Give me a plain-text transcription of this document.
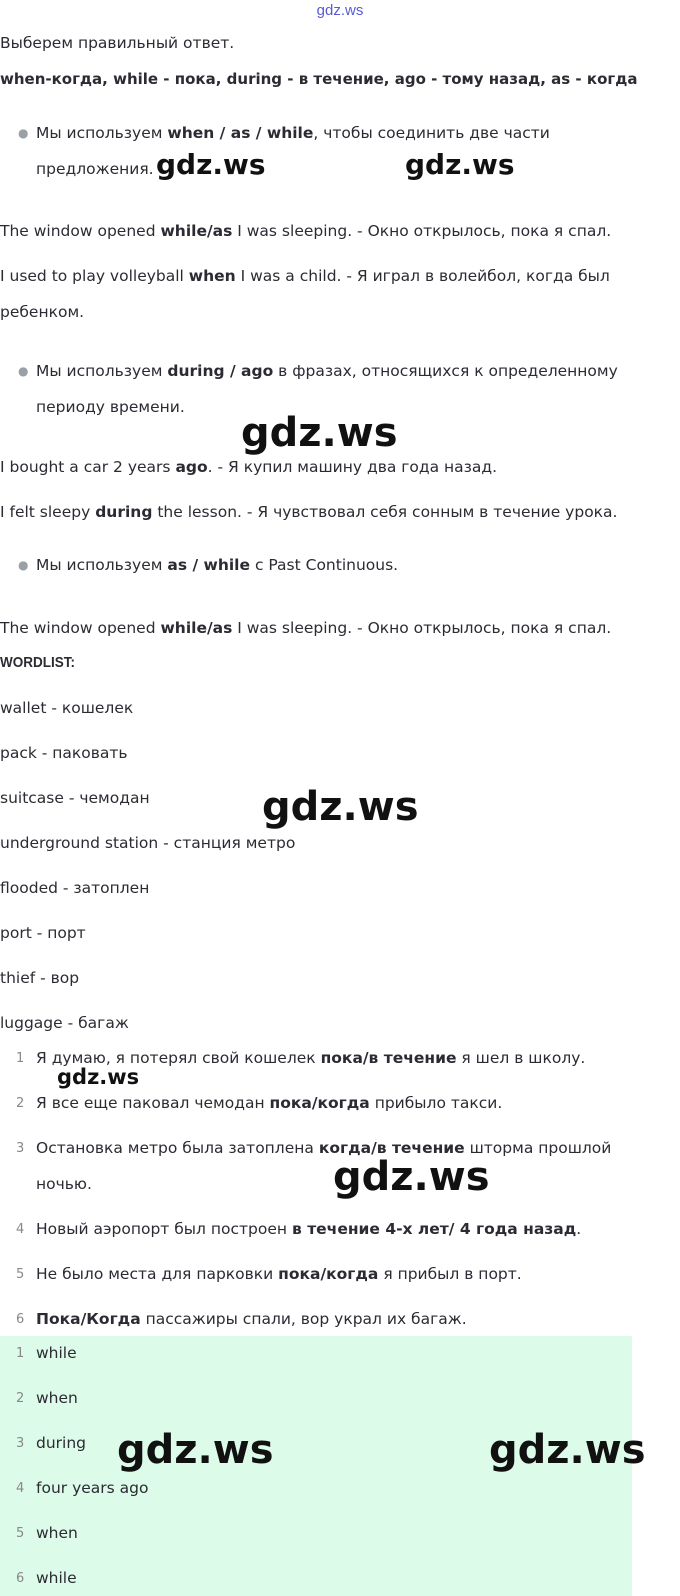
gdz.ws
Выберем правильный ответ.
when-когда, while - пока, during - в течение, ago - тому назад, as - когда
● Мы используем when / as / while, чтобы соединить две части предложения.
The window opened while/as I was sleeping. - Окно открылось, пока я спал.
I used to play volleyball when I was a child. - Я играл в волейбол, когда был
ребенком.
● Мы используем during / ago в фразах, относящихся к определенному периоду времени.
I bought a car 2 years ago. - Я купил машину два года назад.
I felt sleepy during the lesson. - Я чувствовал себя сонным в течение урока.
● Мы используем as / while с Past Continuous.
The window opened while/as I was sleeping. - Окно открылось, пока я спал.
WORDLIST:
wallet - кошелек
pack - паковать
suitcase - чемодан
underground station - станция метро
flooded - затоплен
port - порт
thief - вор
luggage - багаж
1 Я думаю, я потерял свой кошелек пока/в течение я шел в школу.
2 Я все еще паковал чемодан пока/когда прибыло такси.
3 Остановка метро была затоплена когда/в течение шторма прошлой ночью.
4 Новый аэропорт был построен в течение 4-х лет/ 4 года назад.
5 Не было места для парковки пока/когда я прибыл в порт.
6 Пока/Когда пассажиры спали, вор украл их багаж.
1 while
2 when
3 during
4 four years ago
5 when
6 while
gdz.ws	gdz.ws
gdz.ws
gdz.ws
gdz.ws
gdz.ws
gdz.ws	gdz.ws
